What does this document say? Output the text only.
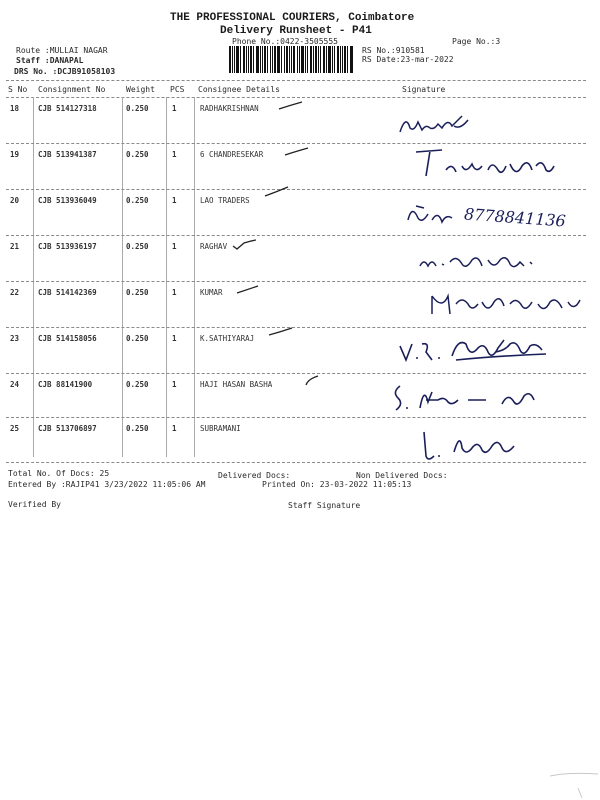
THE PROFESSIONAL COURIERS, Coimbatore
Delivery Runsheet - P41
Phone No.:0422-3505555	Page No.:3
Route :MULLAI NAGAR
Staff :DANAPAL
DRS No. :DCJB91058103
RS No.:910581
RS Date:23-mar-2022
S No Consignment No	Weight PCS Consignee Details	Signature
18	CJB 514127318	0.250	1	RADHAKRISHNAN
19	CJB 513941387	0.250	1	6 CHANDRESEKAR
20	CJB 513936049	0.250	1	LAO TRADERS
21	CJB 513936197	0.250	1	RAGHAV
22	CJB 514142369	0.250	1	KUMAR
23	CJB 514158056	0.250	1	K.SATHIYARAJ
24	CJB 88141900	0.250	1	HAJI HASAN BASHA
25	CJB 513706897	0.250	1	SUBRAMANI
8778841136
Total No. Of Docs: 25	Delivered Docs:	Non Delivered Docs:
Entered By :RAJIP41 3/23/2022 11:05:06 AM	Printed On: 23-03-2022 11:05:13
Verified By	Staff Signature
